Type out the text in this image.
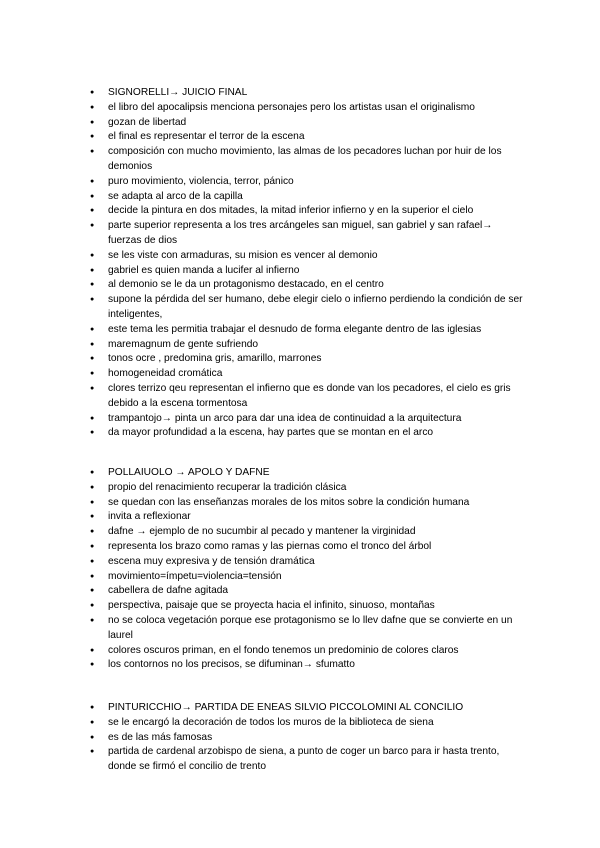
● SIGNORELLI→ JUICIO FINAL
● el libro del apocalipsis menciona personajes pero los artistas usan el originalismo
● gozan de libertad
● el final es representar el terror de la escena
● composición con mucho movimiento, las almas de los pecadores luchan por huir de los demonios
● puro movimiento, violencia, terror, pánico
● se adapta al arco de la capilla
● decide la pintura en dos mitades, la mitad inferior infierno y en la superior el cielo
● parte superior representa a los tres arcángeles san miguel, san gabriel y san rafael→ fuerzas de dios
● se les viste con armaduras, su mision es vencer al demonio
● gabriel es quien manda a lucifer al infierno
● al demonio se le da un protagonismo destacado, en el centro
● supone la pérdida del ser humano, debe elegir cielo o infierno perdiendo la condición de ser inteligentes,
● este tema les permitia trabajar el desnudo de forma elegante dentro de las iglesias
● maremagnum de gente sufriendo
● tonos ocre , predomina gris, amarillo, marrones
● homogeneidad cromática
● clores terrizo qeu representan el infierno que es donde van los pecadores, el cielo es gris debido a la escena tormentosa
● trampantojo→ pinta un arco para dar una idea de continuidad a la arquitectura
● da mayor profundidad a la escena, hay partes que se montan en el arco
● POLLAIUOLO → APOLO Y DAFNE
● propio del renacimiento recuperar la tradición clásica
● se quedan con las enseñanzas morales de los mitos sobre la condición humana
● invita a reflexionar
● dafne → ejemplo de no sucumbir al pecado y mantener la virginidad
● representa los brazo como ramas y las piernas como el tronco del árbol
● escena muy expresiva y de tensión dramática
● movimiento=ímpetu=violencia=tensión
● cabellera de dafne agitada
● perspectiva, paisaje que se proyecta hacia el infinito, sinuoso, montañas
● no se coloca vegetación porque ese protagonismo se lo llev dafne que se convierte en un laurel
● colores oscuros priman, en el fondo tenemos un predominio de colores claros
● los contornos no los precisos, se difuminan→ sfumatto
● PINTURICCHIO→ PARTIDA DE ENEAS SILVIO PICCOLOMINI AL CONCILIO
● se le encargó la decoración de todos los muros de la biblioteca de siena
● es de las más famosas
● partida de cardenal arzobispo de siena, a punto de coger un barco para ir hasta trento, donde se firmó el concilio de trento
